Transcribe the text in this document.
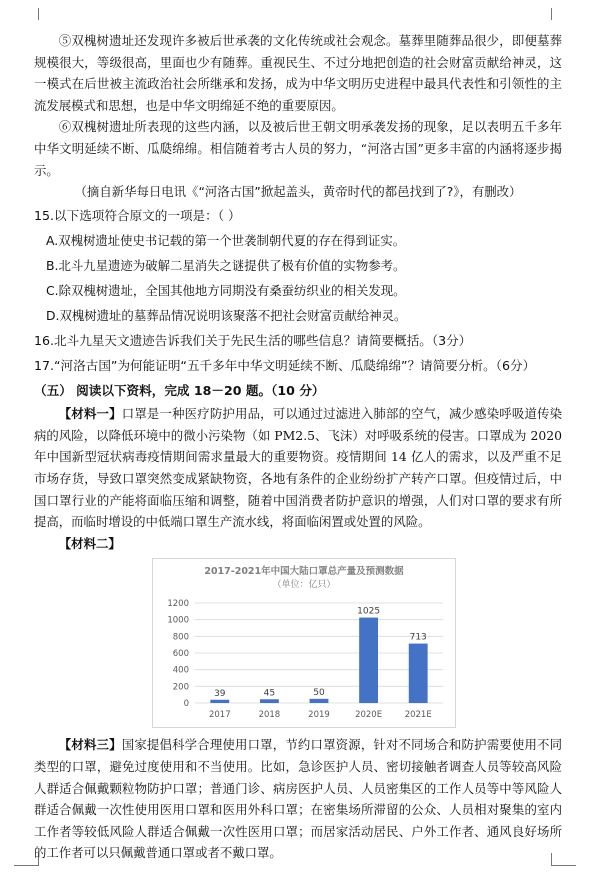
⑤双槐树遗址还发现许多被后世承袭的文化传统或社会观念。墓葬里随葬品很少，即便墓葬规模很大，等级很高，里面也少有随葬。重视民生、不过分地把创造的社会财富贡献给神灵，这一模式在后世被主流政治社会所继承和发扬，成为中华文明历史进程中最具代表性和引领性的主流发展模式和思想，也是中华文明绵延不绝的重要原因。

⑥双槐树遗址所表现的这些内涵，以及被后世王朝文明承袭发扬的现象，足以表明五千多年中华文明延续不断、瓜瓞绵绵。相信随着考古人员的努力，“河洛古国”更多丰富的内涵将逐步揭示。

（摘自新华每日电讯《“河洛古国”掀起盖头，黄帝时代的都邑找到了?》，有删改）

15.以下选项符合原文的一项是：（ ）

A.双槐树遗址使史书记载的第一个世袭制朝代夏的存在得到证实。

B.北斗九星遗迹为破解二星消失之谜提供了极有价值的实物参考。

C.除双槐树遗址，全国其他地方同期没有桑蚕纺织业的相关发现。

D.双槐树遗址的墓葬品情况说明该聚落不把社会财富贡献给神灵。

16.北斗九星天文遗迹告诉我们关于先民生活的哪些信息？请简要概括。（3分）

17.“河洛古国”为何能证明“五千多年中华文明延续不断、瓜瓞绵绵”？请简要分析。（6分）

（五） 阅读以下资料，完成 18－20 题。（10 分）

【材料一】口罩是一种医疗防护用品，可以通过过滤进入肺部的空气，减少感染呼吸道传染病的风险，以降低环境中的微小污染物（如 PM2.5、飞沫）对呼吸系统的侵害。口罩成为 2020 年中国新型冠状病毒疫情期间需求量最大的重要物资。疫情期间 14 亿人的需求，以及严重不足市场存货，导致口罩突然变成紧缺物资，各地有条件的企业纷纷扩产转产口罩。但疫情过后，中国口罩行业的产能将面临压缩和调整，随着中国消费者防护意识的增强，人们对口罩的要求有所提高，而临时增设的中低端口罩生产流水线，将面临闲置或处置的风险。

【材料二】

2017-2021年中国大陆口罩总产量及预测数据
（单位：亿只）
0
200
400
600
800
1000
1200
39
2017
45
2018
50
2019
1025
2020E
713
2021E

【材料三】国家提倡科学合理使用口罩，节约口罩资源，针对不同场合和防护需要使用不同类型的口罩，避免过度使用和不当使用。比如，急诊医护人员、密切接触者调查人员等较高风险人群适合佩戴颗粒物防护口罩；普通门诊、病房医护人员、人员密集区的工作人员等中等风险人群适合佩戴一次性使用医用口罩和医用外科口罩；在密集场所滞留的公众、人员相对聚集的室内工作者等较低风险人群适合佩戴一次性医用口罩；而居家活动居民、户外工作者、通风良好场所的工作者可以只佩戴普通口罩或者不戴口罩。
